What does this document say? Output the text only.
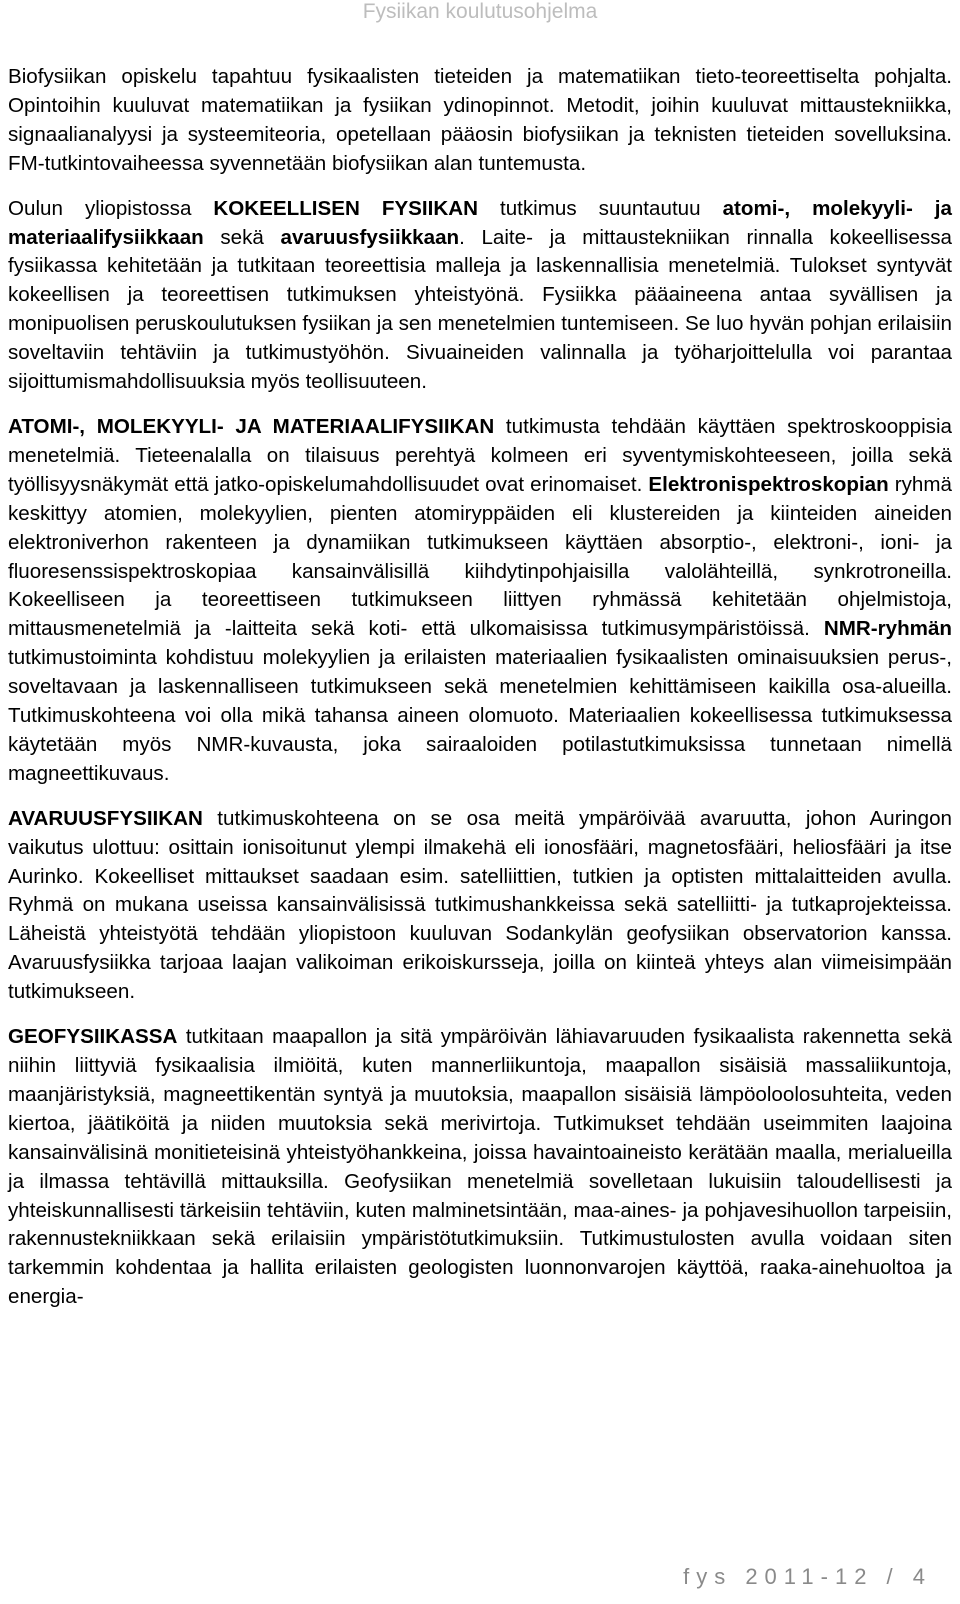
Fysiikan koulutusohjelma

Biofysiikan opiskelu tapahtuu fysikaalisten tieteiden ja matematiikan tieto-teoreettiselta pohjalta. Opintoihin kuuluvat matematiikan ja fysiikan ydinopinnot. Metodit, joihin kuuluvat mittaustekniikka, signaalianalyysi ja systeemiteoria, opetellaan pääosin biofysiikan ja teknisten tieteiden sovelluksina. FM-tutkintovaiheessa syvennetään biofysiikan alan tuntemusta.

Oulun yliopistossa KOKEELLISEN FYSIIKAN tutkimus suuntautuu atomi-, molekyyli- ja materiaalifysiikkaan sekä avaruusfysiikkaan. Laite- ja mittaustekniikan rinnalla kokeellisessa fysiikassa kehitetään ja tutkitaan teoreettisia malleja ja laskennallisia menetelmiä. Tulokset syntyvät kokeellisen ja teoreettisen tutkimuksen yhteistyönä. Fysiikka pääaineena antaa syvällisen ja monipuolisen peruskoulutuksen fysiikan ja sen menetelmien tuntemiseen. Se luo hyvän pohjan erilaisiin soveltaviin tehtäviin ja tutkimustyöhön. Sivuaineiden valinnalla ja työharjoittelulla voi parantaa sijoittumismahdollisuuksia myös teollisuuteen.

ATOMI-, MOLEKYYLI- JA MATERIAALIFYSIIKAN tutkimusta tehdään käyttäen spektroskooppisia menetelmiä. Tieteenalalla on tilaisuus perehtyä kolmeen eri syventymiskohteeseen, joilla sekä työllisyysnäkymät että jatko-opiskelumahdollisuudet ovat erinomaiset. Elektronispektroskopian ryhmä keskittyy atomien, molekyylien, pienten atomiryppäiden eli klustereiden ja kiinteiden aineiden elektroniverhon rakenteen ja dynamiikan tutkimukseen käyttäen absorptio-, elektroni-, ioni- ja fluoresenssispektroskopiaa kansainvälisillä kiihdytinpohjaisilla valolähteillä, synkrotroneilla. Kokeelliseen ja teoreettiseen tutkimukseen liittyen ryhmässä kehitetään ohjelmistoja, mittausmenetelmiä ja -laitteita sekä koti- että ulkomaisissa tutkimusympäristöissä. NMR-ryhmän tutkimustoiminta kohdistuu molekyylien ja erilaisten materiaalien fysikaalisten ominaisuuksien perus-, soveltavaan ja laskennalliseen tutkimukseen sekä menetelmien kehittämiseen kaikilla osa-alueilla. Tutkimuskohteena voi olla mikä tahansa aineen olomuoto. Materiaalien kokeellisessa tutkimuksessa käytetään myös NMR-kuvausta, joka sairaaloiden potilastutkimuksissa tunnetaan nimellä magneettikuvaus.

AVARUUSFYSIIKAN tutkimuskohteena on se osa meitä ympäröivää avaruutta, johon Auringon vaikutus ulottuu: osittain ionisoitunut ylempi ilmakehä eli ionosfääri, magnetosfääri, heliosfääri ja itse Aurinko. Kokeelliset mittaukset saadaan esim. satelliittien, tutkien ja optisten mittalaitteiden avulla. Ryhmä on mukana useissa kansainvälisissä tutkimushankkeissa sekä satelliitti- ja tutkaprojekteissa. Läheistä yhteistyötä tehdään yliopistoon kuuluvan Sodankylän geofysiikan observatorion kanssa. Avaruusfysiikka tarjoaa laajan valikoiman erikoiskursseja, joilla on kiinteä yhteys alan viimeisimpään tutkimukseen.

GEOFYSIIKASSA tutkitaan maapallon ja sitä ympäröivän lähiavaruuden fysikaalista rakennetta sekä niihin liittyviä fysikaalisia ilmiöitä, kuten mannerliikuntoja, maapallon sisäisiä massaliikuntoja, maanjäristyksiä, magneettikentän syntyä ja muutoksia, maapallon sisäisiä lämpöoloolosuhteita, veden kiertoa, jäätiköitä ja niiden muutoksia sekä merivirtoja. Tutkimukset tehdään useimmiten laajoina kansainvälisinä monitieteisinä yhteistyöhankkeina, joissa havaintoaineisto kerätään maalla, merialueilla ja ilmassa tehtävillä mittauksilla. Geofysiikan menetelmiä sovelletaan lukuisiin taloudellisesti ja yhteiskunnallisesti tärkeisiin tehtäviin, kuten malminetsintään, maa-aines- ja pohjavesihuollon tarpeisiin, rakennustekniikkaan sekä erilaisiin ympäristötutkimuksiin. Tutkimustulosten avulla voidaan siten tarkemmin kohdentaa ja hallita erilaisten geologisten luonnonvarojen käyttöä, raaka-ainehuoltoa ja energia-

fys 2011-12 / 4
